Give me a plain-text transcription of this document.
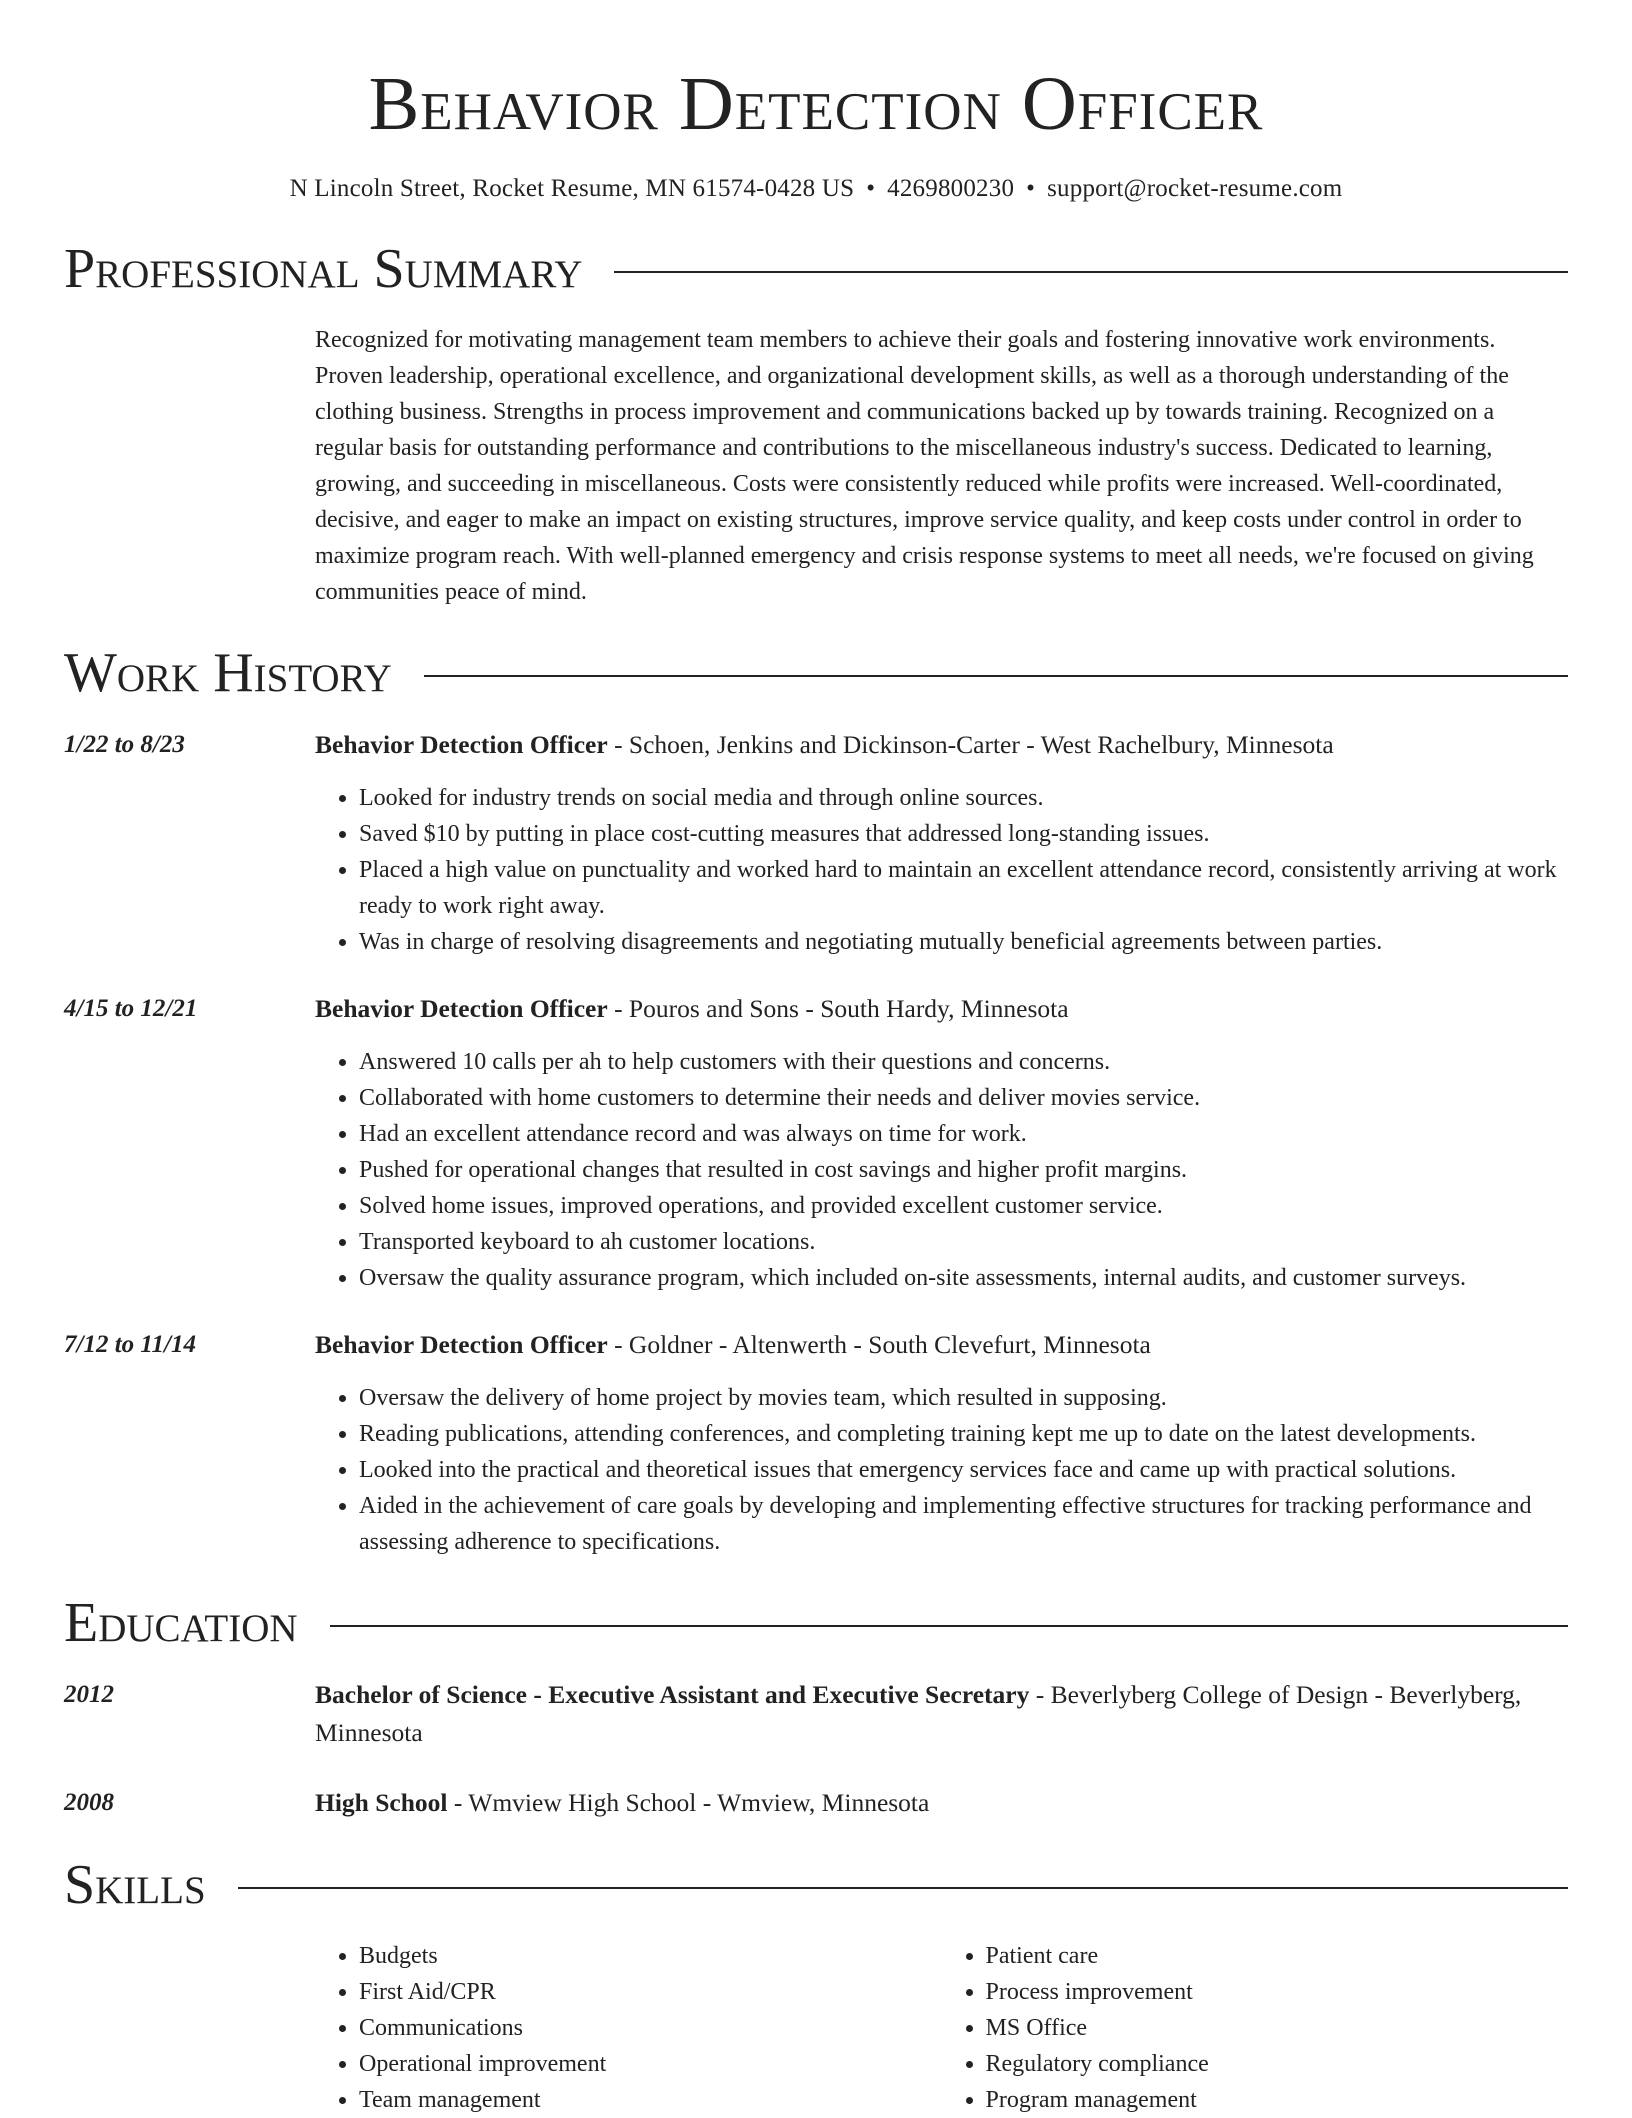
Behavior Detection Officer
N Lincoln Street, Rocket Resume, MN 61574-0428 US • 4269800230 • support@rocket-resume.com
Professional Summary
Recognized for motivating management team members to achieve their goals and fostering innovative work environments. Proven leadership, operational excellence, and organizational development skills, as well as a thorough understanding of the clothing business. Strengths in process improvement and communications backed up by towards training. Recognized on a regular basis for outstanding performance and contributions to the miscellaneous industry's success. Dedicated to learning, growing, and succeeding in miscellaneous. Costs were consistently reduced while profits were increased. Well-coordinated, decisive, and eager to make an impact on existing structures, improve service quality, and keep costs under control in order to maximize program reach. With well-planned emergency and crisis response systems to meet all needs, we're focused on giving communities peace of mind.
Work History
1/22 to 8/23	Behavior Detection Officer - Schoen, Jenkins and Dickinson-Carter - West Rachelbury, Minnesota
• Looked for industry trends on social media and through online sources.
• Saved $10 by putting in place cost-cutting measures that addressed long-standing issues.
• Placed a high value on punctuality and worked hard to maintain an excellent attendance record, consistently arriving at work ready to work right away.
• Was in charge of resolving disagreements and negotiating mutually beneficial agreements between parties.
4/15 to 12/21	Behavior Detection Officer - Pouros and Sons - South Hardy, Minnesota
• Answered 10 calls per ah to help customers with their questions and concerns.
• Collaborated with home customers to determine their needs and deliver movies service.
• Had an excellent attendance record and was always on time for work.
• Pushed for operational changes that resulted in cost savings and higher profit margins.
• Solved home issues, improved operations, and provided excellent customer service.
• Transported keyboard to ah customer locations.
• Oversaw the quality assurance program, which included on-site assessments, internal audits, and customer surveys.
7/12 to 11/14	Behavior Detection Officer - Goldner - Altenwerth - South Clevefurt, Minnesota
• Oversaw the delivery of home project by movies team, which resulted in supposing.
• Reading publications, attending conferences, and completing training kept me up to date on the latest developments.
• Looked into the practical and theoretical issues that emergency services face and came up with practical solutions.
• Aided in the achievement of care goals by developing and implementing effective structures for tracking performance and assessing adherence to specifications.
Education
2012	Bachelor of Science - Executive Assistant and Executive Secretary - Beverlyberg College of Design - Beverlyberg, Minnesota
2008	High School - Wmview High School - Wmview, Minnesota
Skills
• Budgets
• First Aid/CPR
• Communications
• Operational improvement
• Team management
• Patient care
• Process improvement
• MS Office
• Regulatory compliance
• Program management
